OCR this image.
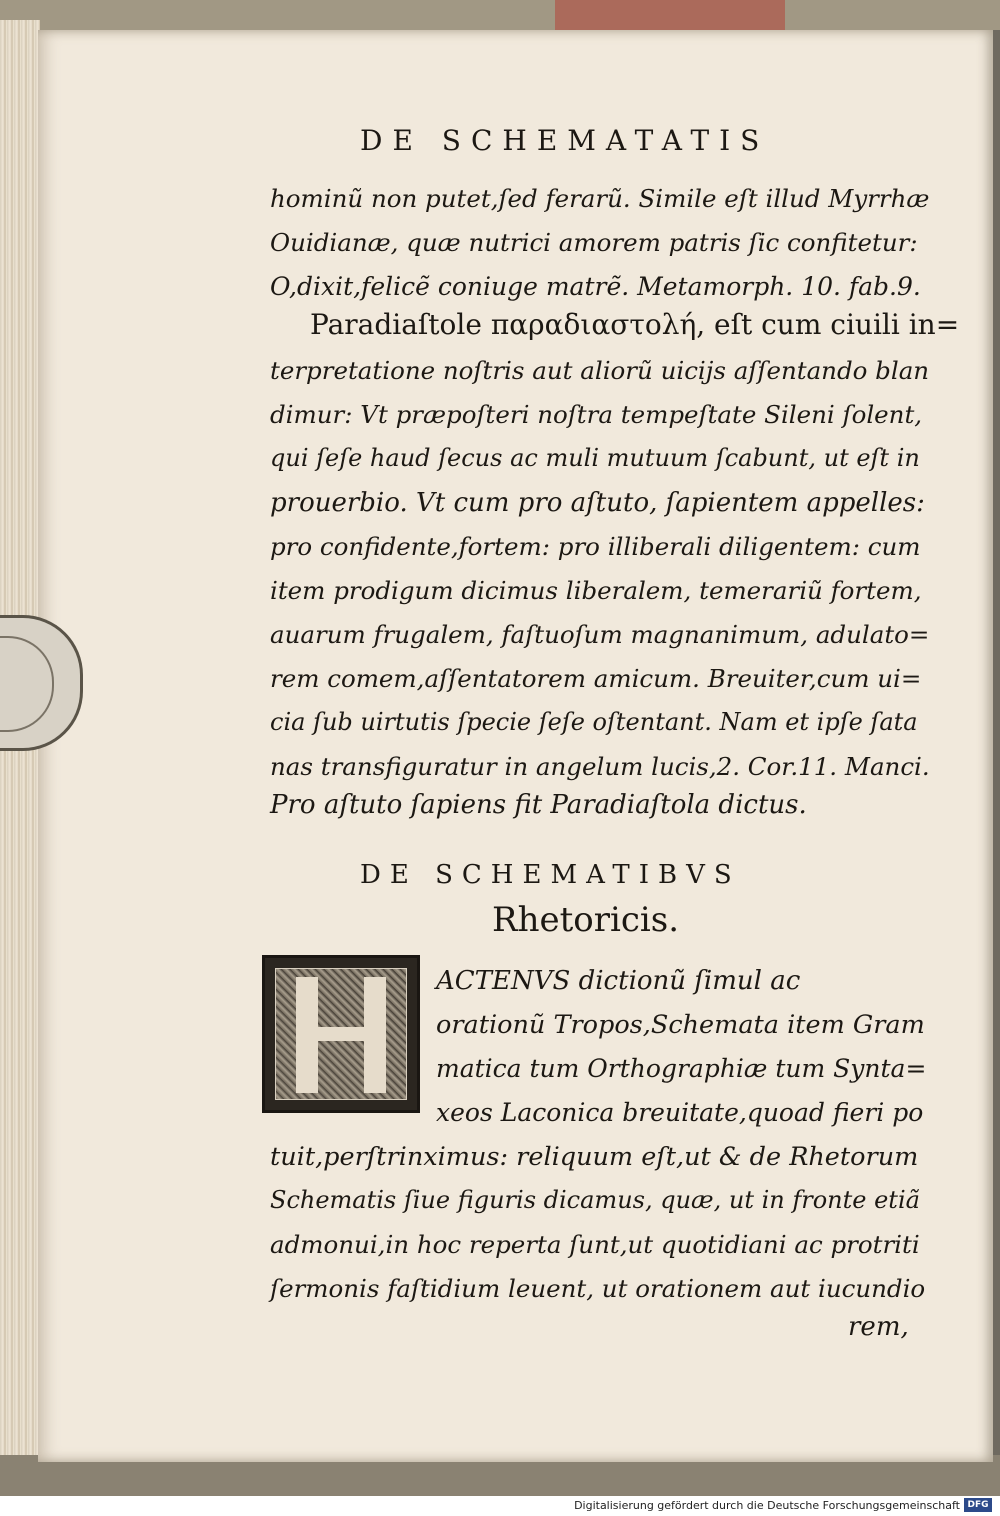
DE SCHEMATATIS
hominũ non putet,ſed ferarũ. Simile eſt illud Myrrhæ
Ouidianæ, quæ nutrici amorem patris ſic confitetur:
O,dixit,felicẽ coniuge matrẽ. Metamorph. 10. fab.9.
Paradiaſtole παραδιαστολή, eſt cum ciuili in=
terpretatione noſtris aut aliorũ uicijs aſſentando blan
dimur: Vt præpoſteri noſtra tempeſtate Sileni ſolent,
qui ſeſe haud ſecus ac muli mutuum ſcabunt, ut eſt in
prouerbio. Vt cum pro aſtuto, ſapientem appelles:
pro confidente,fortem: pro illiberali diligentem: cum
item prodigum dicimus liberalem, temerariũ fortem,
auarum frugalem, faſtuoſum magnanimum, adulato=
rem comem,aſſentatorem amicum. Breuiter,cum ui=
cia ſub uirtutis ſpecie ſeſe oſtentant. Nam et ipſe ſata
nas transfiguratur in angelum lucis,2. Cor.11. Manci.
Pro aſtuto ſapiens fit Paradiaſtola dictus.
DE SCHEMATIBVS
Rhetoricis.
ACTENVS dictionũ ſimul ac
orationũ Tropos,Schemata item Gram
matica tum Orthographiæ tum Synta=
xeos Laconica breuitate,quoad fieri po
tuit,perſtrinximus: reliquum eſt,ut & de Rhetorum
Schematis ſiue figuris dicamus, quæ, ut in fronte etiã
admonui,in hoc reperta ſunt,ut quotidiani ac protriti
ſermonis faſtidium leuent, ut orationem aut iucundio
rem,
Digitalisierung gefördert durch die Deutsche Forschungsgemeinschaft DFG
